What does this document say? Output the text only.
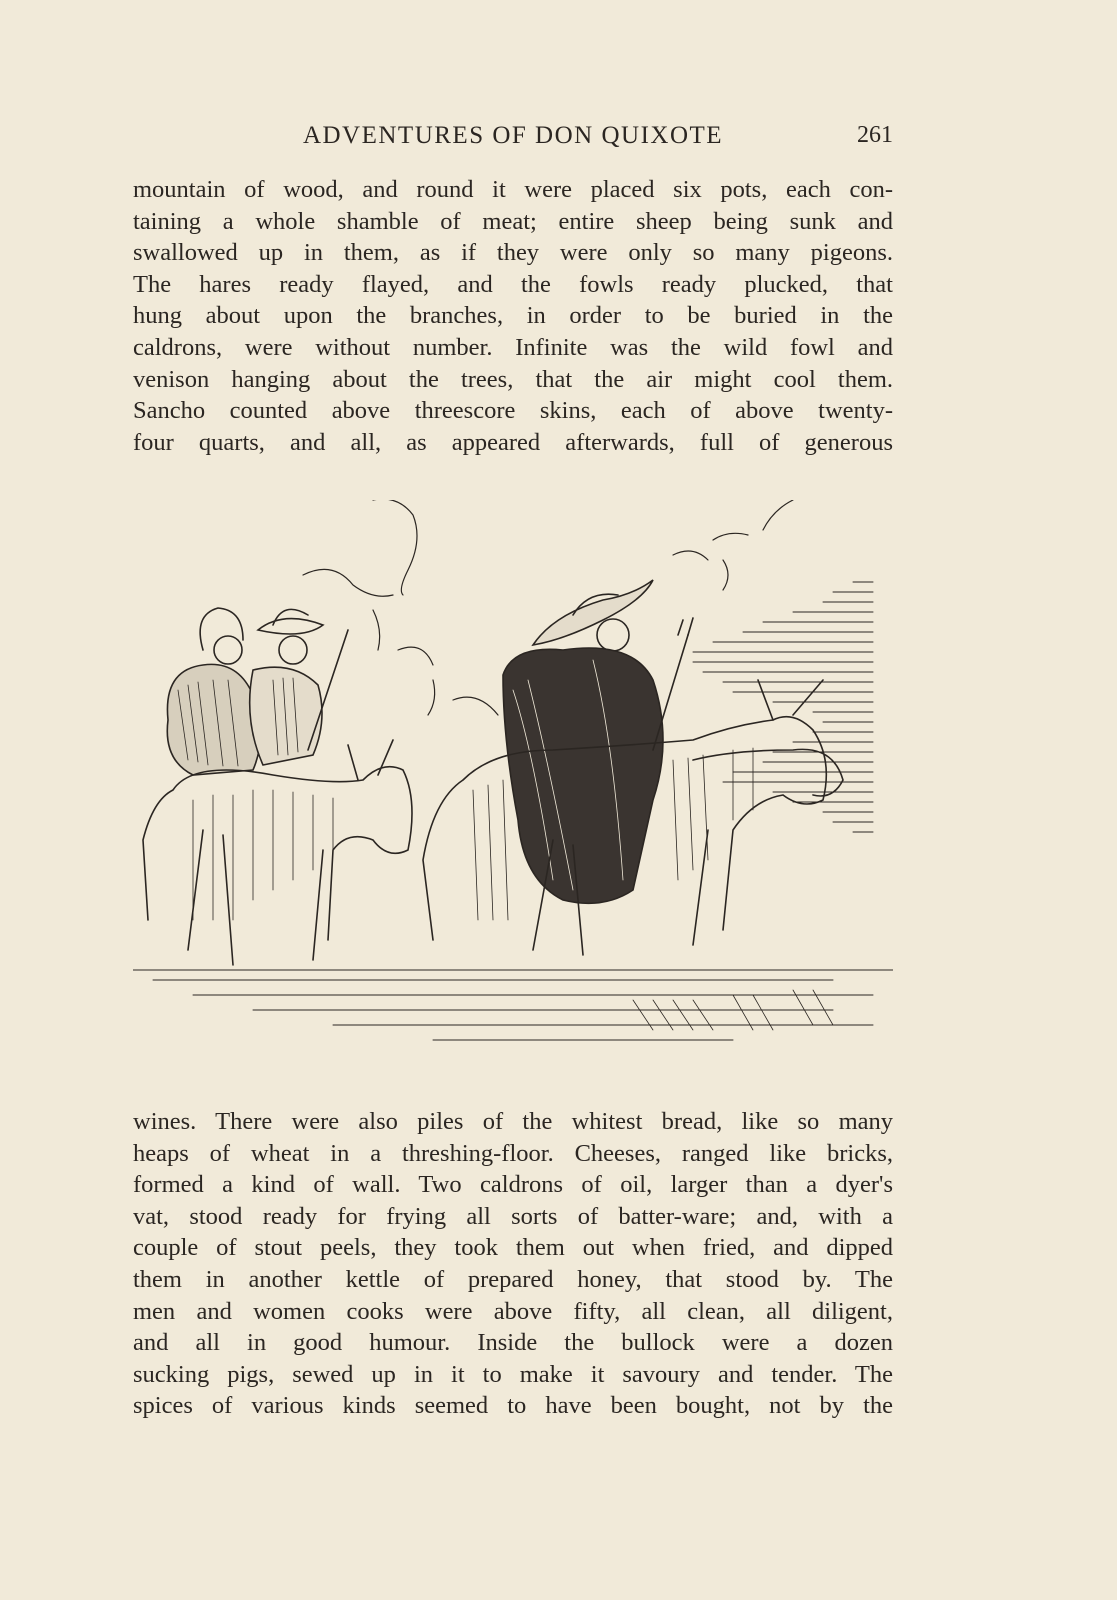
ADVENTURES OF DON QUIXOTE	261
mountain of wood, and round it were placed six pots, each con-
taining a whole shamble of meat; entire sheep being sunk and
swallowed up in them, as if they were only so many pigeons.
The hares ready flayed, and the fowls ready plucked, that
hung about upon the branches, in order to be buried in the
caldrons, were without number. Infinite was the wild fowl and
venison hanging about the trees, that the air might cool them.
Sancho counted above threescore skins, each of above twenty-
four quarts, and all, as appeared afterwards, full of generous
wines. There were also piles of the whitest bread, like so many
heaps of wheat in a threshing-floor. Cheeses, ranged like bricks,
formed a kind of wall. Two caldrons of oil, larger than a dyer's
vat, stood ready for frying all sorts of batter-ware; and, with a
couple of stout peels, they took them out when fried, and dipped
them in another kettle of prepared honey, that stood by. The
men and women cooks were above fifty, all clean, all diligent,
and all in good humour. Inside the bullock were a dozen
sucking pigs, sewed up in it to make it savoury and tender. The
spices of various kinds seemed to have been bought, not by the
